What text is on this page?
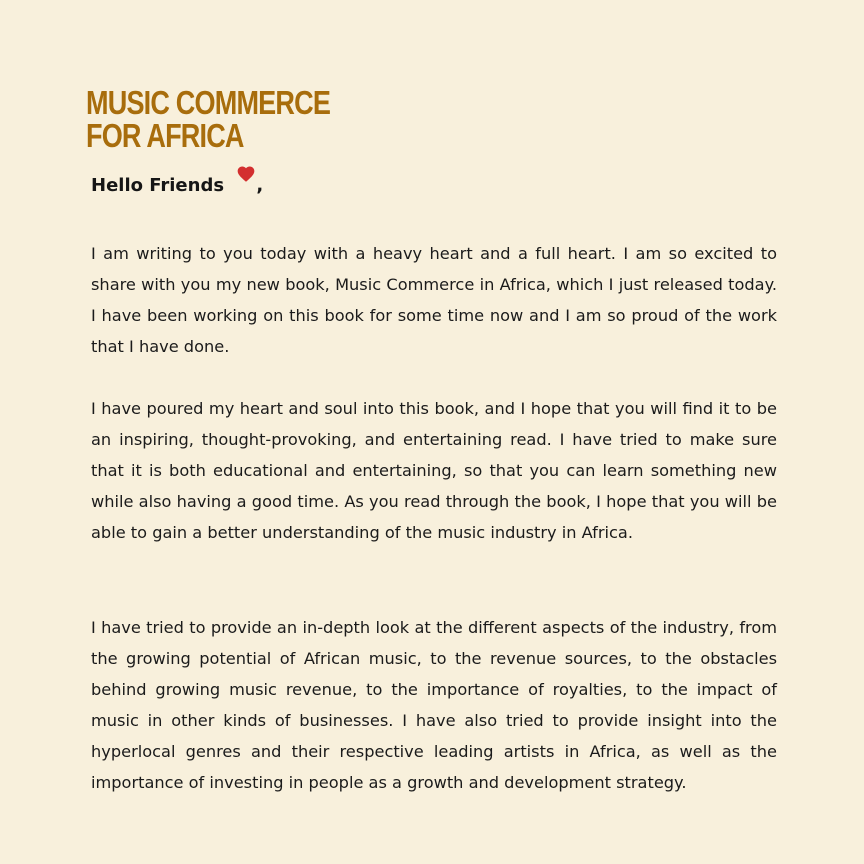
MUSIC COMMERCE
FOR AFRICA
Hello Friends ,

I am writing to you today with a heavy heart and a full heart. I am so excited to share with you my new book, Music Commerce in Africa, which I just released today. I have been working on this book for some time now and I am so proud of the work that I have done.

I have poured my heart and soul into this book, and I hope that you will find it to be an inspiring, thought-provoking, and entertaining read. I have tried to make sure that it is both educational and entertaining, so that you can learn something new while also having a good time. As you read through the book, I hope that you will be able to gain a better understanding of the music industry in Africa.

I have tried to provide an in-depth look at the different aspects of the industry, from the growing potential of African music, to the revenue sources, to the obstacles behind growing music revenue, to the importance of royalties, to the impact of music in other kinds of businesses. I have also tried to provide insight into the hyperlocal genres and their respective leading artists in Africa, as well as the importance of investing in people as a growth and development strategy.
